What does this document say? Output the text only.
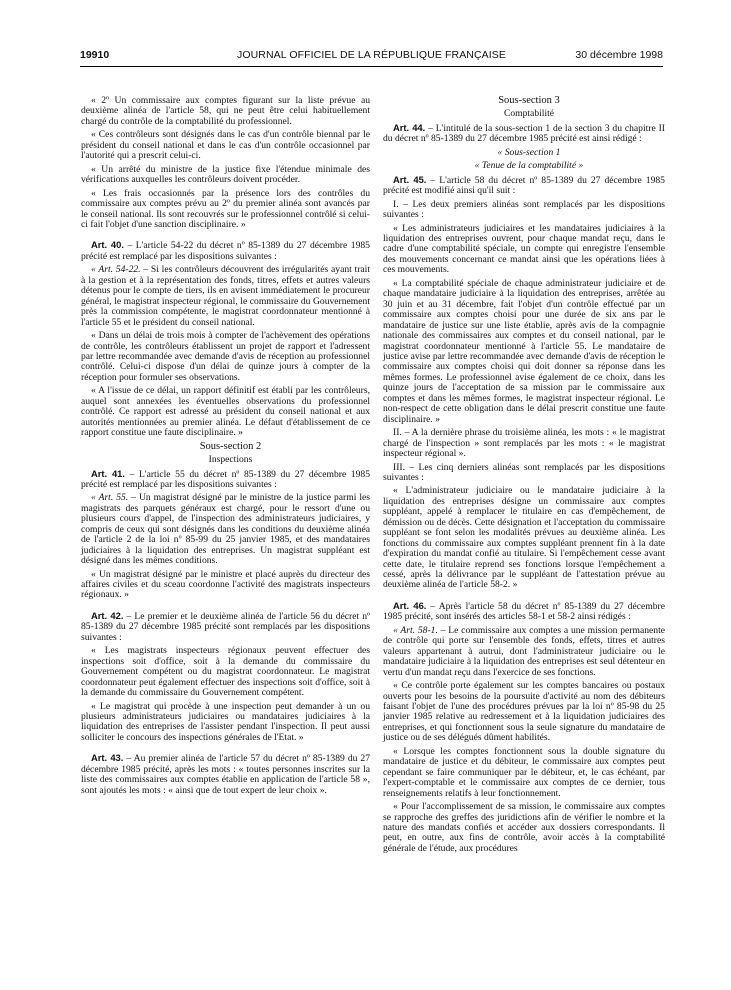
19910	JOURNAL OFFICIEL DE LA RÉPUBLIQUE FRANÇAISE	30 décembre 1998

« 2º Un commissaire aux comptes figurant sur la liste prévue au deuxième alinéa de l'article 58, qui ne peut être celui habituellement chargé du contrôle de la comptabilité du professionnel.

« Ces contrôleurs sont désignés dans le cas d'un contrôle biennal par le président du conseil national et dans le cas d'un contrôle occasionnel par l'autorité qui a prescrit celui-ci.

« Un arrêté du ministre de la justice fixe l'étendue minimale des vérifications auxquelles les contrôleurs doivent procéder.

« Les frais occasionnés par la présence lors des contrôles du commissaire aux comptes prévu au 2º du premier alinéa sont avancés par le conseil national. Ils sont recouvrés sur le professionnel contrôlé si celui-ci fait l'objet d'une sanction disciplinaire. »

Art. 40. – L'article 54-22 du décret nº 85-1389 du 27 décembre 1985 précité est remplacé par les dispositions suivantes :

« Art. 54-22. – Si les contrôleurs découvrent des irrégularités ayant trait à la gestion et à la représentation des fonds, titres, effets et autres valeurs détenus pour le compte de tiers, ils en avisent immédiatement le procureur général, le magistrat inspecteur régional, le commissaire du Gouvernement près la commission compétente, le magistrat coordonnateur mentionné à l'article 55 et le président du conseil national.

« Dans un délai de trois mois à compter de l'achèvement des opérations de contrôle, les contrôleurs établissent un projet de rapport et l'adressent par lettre recommandée avec demande d'avis de réception au professionnel contrôlé. Celui-ci dispose d'un délai de quinze jours à compter de la réception pour formuler ses observations.

« A l'issue de ce délai, un rapport définitif est établi par les contrôleurs, auquel sont annexées les éventuelles observations du professionnel contrôlé. Ce rapport est adressé au président du conseil national et aux autorités mentionnées au premier alinéa. Le défaut d'établissement de ce rapport constitue une faute disciplinaire. »

Sous-section 2

Inspections

Art. 41. – L'article 55 du décret nº 85-1389 du 27 décembre 1985 précité est remplacé par les dispositions suivantes :

« Art. 55. – Un magistrat désigné par le ministre de la justice parmi les magistrats des parquets généraux est chargé, pour le ressort d'une ou plusieurs cours d'appel, de l'inspection des administrateurs judiciaires, y compris de ceux qui sont désignés dans les conditions du deuxième alinéa de l'article 2 de la loi nº 85-99 du 25 janvier 1985, et des mandataires judiciaires à la liquidation des entreprises. Un magistrat suppléant est désigné dans les mêmes conditions.

« Un magistrat désigné par le ministre et placé auprès du directeur des affaires civiles et du sceau coordonne l'activité des magistrats inspecteurs régionaux. »

Art. 42. – Le premier et le deuxième alinéa de l'article 56 du décret nº 85-1389 du 27 décembre 1985 précité sont remplacés par les dispositions suivantes :

« Les magistrats inspecteurs régionaux peuvent effectuer des inspections soit d'office, soit à la demande du commissaire du Gouvernement compétent ou du magistrat coordonnateur. Le magistrat coordonnateur peut également effectuer des inspections soit d'office, soit à la demande du commissaire du Gouvernement compétent.

« Le magistrat qui procède à une inspection peut demander à un ou plusieurs administrateurs judiciaires ou mandataires judiciaires à la liquidation des entreprises de l'assister pendant l'inspection. Il peut aussi solliciter le concours des inspections générales de l'Etat. »

Art. 43. – Au premier alinéa de l'article 57 du décret nº 85-1389 du 27 décembre 1985 précité, après les mots : « toutes personnes inscrites sur la liste des commissaires aux comptes établie en application de l'article 58 », sont ajoutés les mots : « ainsi que de tout expert de leur choix ».

Sous-section 3

Comptabilité

Art. 44. – L'intitulé de la sous-section 1 de la section 3 du chapitre II du décret nº 85-1389 du 27 décembre 1985 précité est ainsi rédigé :

« Sous-section 1

« Tenue de la comptabilité »

Art. 45. – L'article 58 du décret nº 85-1389 du 27 décembre 1985 précité est modifié ainsi qu'il suit :

I. – Les deux premiers alinéas sont remplacés par les dispositions suivantes :

« Les administrateurs judiciaires et les mandataires judiciaires à la liquidation des entreprises ouvrent, pour chaque mandat reçu, dans le cadre d'une comptabilité spéciale, un compte qui enregistre l'ensemble des mouvements concernant ce mandat ainsi que les opérations liées à ces mouvements.

« La comptabilité spéciale de chaque administrateur judiciaire et de chaque mandataire judiciaire à la liquidation des entreprises, arrêtée au 30 juin et au 31 décembre, fait l'objet d'un contrôle effectué par un commissaire aux comptes choisi pour une durée de six ans par le mandataire de justice sur une liste établie, après avis de la compagnie nationale des commissaires aux comptes et du conseil national, par le magistrat coordonnateur mentionné à l'article 55. Le mandataire de justice avise par lettre recommandée avec demande d'avis de réception le commissaire aux comptes choisi qui doit donner sa réponse dans les mêmes formes. Le professionnel avise également de ce choix, dans les quinze jours de l'acceptation de sa mission par le commissaire aux comptes et dans les mêmes formes, le magistrat inspecteur régional. Le non-respect de cette obligation dans le délai prescrit constitue une faute disciplinaire. »

II. – A la dernière phrase du troisième alinéa, les mots : « le magistrat chargé de l'inspection » sont remplacés par les mots : « le magistrat inspecteur régional ».

III. – Les cinq derniers alinéas sont remplacés par les dispositions suivantes :

« L'administrateur judiciaire ou le mandataire judiciaire à la liquidation des entreprises désigne un commissaire aux comptes suppléant, appelé à remplacer le titulaire en cas d'empêchement, de démission ou de décès. Cette désignation et l'acceptation du commissaire suppléant se font selon les modalités prévues au deuxième alinéa. Les fonctions du commissaire aux comptes suppléant prennent fin à la date d'expiration du mandat confié au titulaire. Si l'empêchement cesse avant cette date, le titulaire reprend ses fonctions lorsque l'empêchement a cessé, après la délivrance par le suppléant de l'attestation prévue au deuxième alinéa de l'article 58-2. »

Art. 46. – Après l'article 58 du décret nº 85-1389 du 27 décembre 1985 précité, sont insérés des articles 58-1 et 58-2 ainsi rédigés :

« Art. 58-1. – Le commissaire aux comptes a une mission permanente de contrôle qui porte sur l'ensemble des fonds, effets, titres et autres valeurs appartenant à autrui, dont l'administrateur judiciaire ou le mandataire judiciaire à la liquidation des entreprises est seul détenteur en vertu d'un mandat reçu dans l'exercice de ses fonctions.

« Ce contrôle porte également sur les comptes bancaires ou postaux ouverts pour les besoins de la poursuite d'activité au nom des débiteurs faisant l'objet de l'une des procédures prévues par la loi nº 85-98 du 25 janvier 1985 relative au redressement et à la liquidation judiciaires des entreprises, et qui fonctionnent sous la seule signature du mandataire de justice ou de ses délégués dûment habilités.

« Lorsque les comptes fonctionnent sous la double signature du mandataire de justice et du débiteur, le commissaire aux comptes peut cependant se faire communiquer par le débiteur, et, le cas échéant, par l'expert-comptable et le commissaire aux comptes de ce dernier, tous renseignements relatifs à leur fonctionnement.

« Pour l'accomplissement de sa mission, le commissaire aux comptes se rapproche des greffes des juridictions afin de vérifier le nombre et la nature des mandats confiés et accéder aux dossiers correspondants. Il peut, en outre, aux fins de contrôle, avoir accès à la comptabilité générale de l'étude, aux procédures
